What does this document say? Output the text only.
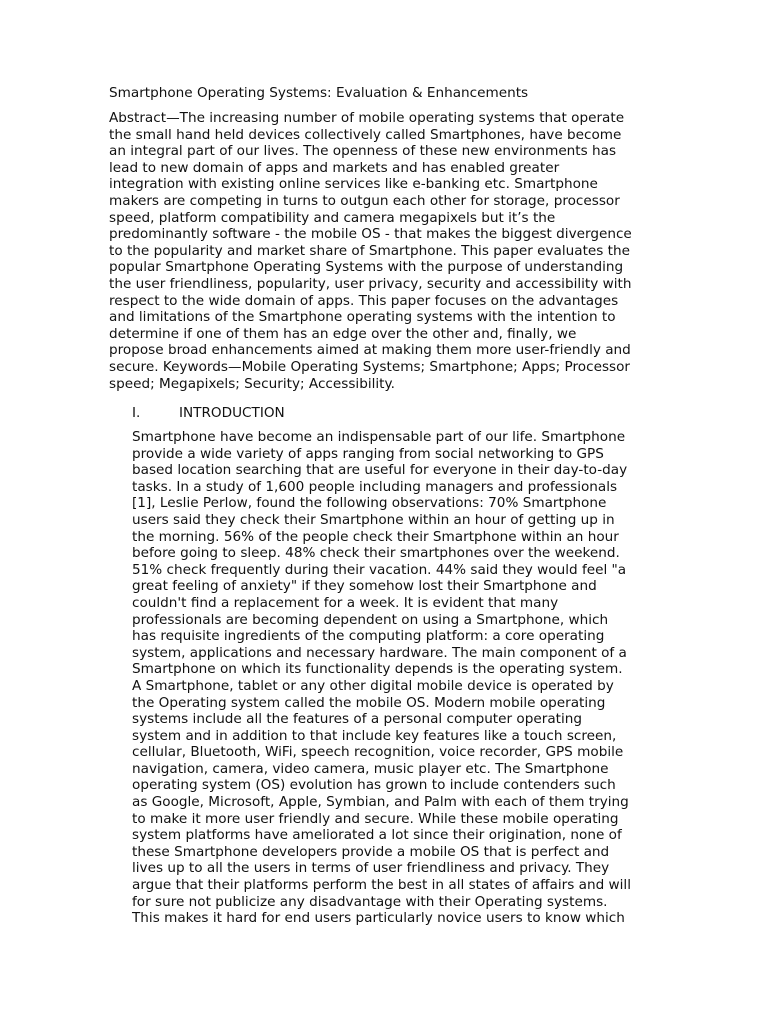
Smartphone Operating Systems: Evaluation & Enhancements
Abstract—The increasing number of mobile operating systems that operate
the small hand held devices collectively called Smartphones, have become
an integral part of our lives. The openness of these new environments has
lead to new domain of apps and markets and has enabled greater
integration with existing online services like e-banking etc. Smartphone
makers are competing in turns to outgun each other for storage, processor
speed, platform compatibility and camera megapixels but it’s the
predominantly software - the mobile OS - that makes the biggest divergence
to the popularity and market share of Smartphone. This paper evaluates the
popular Smartphone Operating Systems with the purpose of understanding
the user friendliness, popularity, user privacy, security and accessibility with
respect to the wide domain of apps. This paper focuses on the advantages
and limitations of the Smartphone operating systems with the intention to
determine if one of them has an edge over the other and, finally, we
propose broad enhancements aimed at making them more user-friendly and
secure. Keywords—Mobile Operating Systems; Smartphone; Apps; Processor
speed; Megapixels; Security; Accessibility.
I.	INTRODUCTION
Smartphone have become an indispensable part of our life. Smartphone
provide a wide variety of apps ranging from social networking to GPS
based location searching that are useful for everyone in their day-to-day
tasks. In a study of 1,600 people including managers and professionals
[1], Leslie Perlow, found the following observations: 70% Smartphone
users said they check their Smartphone within an hour of getting up in
the morning. 56% of the people check their Smartphone within an hour
before going to sleep. 48% check their smartphones over the weekend.
51% check frequently during their vacation. 44% said they would feel "a
great feeling of anxiety" if they somehow lost their Smartphone and
couldn't find a replacement for a week. It is evident that many
professionals are becoming dependent on using a Smartphone, which
has requisite ingredients of the computing platform: a core operating
system, applications and necessary hardware. The main component of a
Smartphone on which its functionality depends is the operating system.
A Smartphone, tablet or any other digital mobile device is operated by
the Operating system called the mobile OS. Modern mobile operating
systems include all the features of a personal computer operating
system and in addition to that include key features like a touch screen,
cellular, Bluetooth, WiFi, speech recognition, voice recorder, GPS mobile
navigation, camera, video camera, music player etc. The Smartphone
operating system (OS) evolution has grown to include contenders such
as Google, Microsoft, Apple, Symbian, and Palm with each of them trying
to make it more user friendly and secure. While these mobile operating
system platforms have ameliorated a lot since their origination, none of
these Smartphone developers provide a mobile OS that is perfect and
lives up to all the users in terms of user friendliness and privacy. They
argue that their platforms perform the best in all states of affairs and will
for sure not publicize any disadvantage with their Operating systems.
This makes it hard for end users particularly novice users to know which
